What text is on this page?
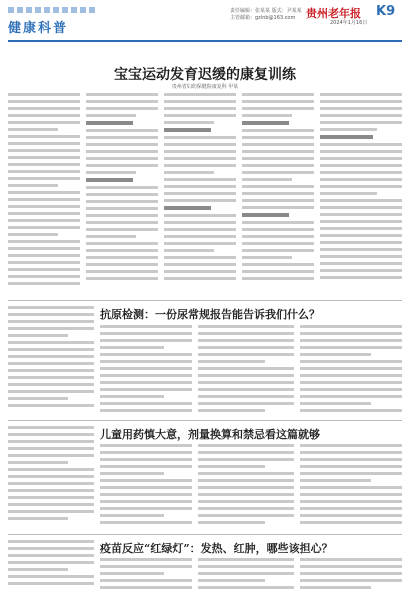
健康科普
责任编辑：张某某 版式：尹某某
主管邮箱：gzlnb@163.com 贵州老年报 K9
2024年1月16日
宝宝运动发育迟缓的康复训练
贵州省妇幼保健院康复科 甲某
抗原检测：一份尿常规报告能告诉我们什么？
儿童用药慎大意，剂量换算和禁忌看这篇就够
疫苗反应“红绿灯”：发热、红肿，哪些该担心？
